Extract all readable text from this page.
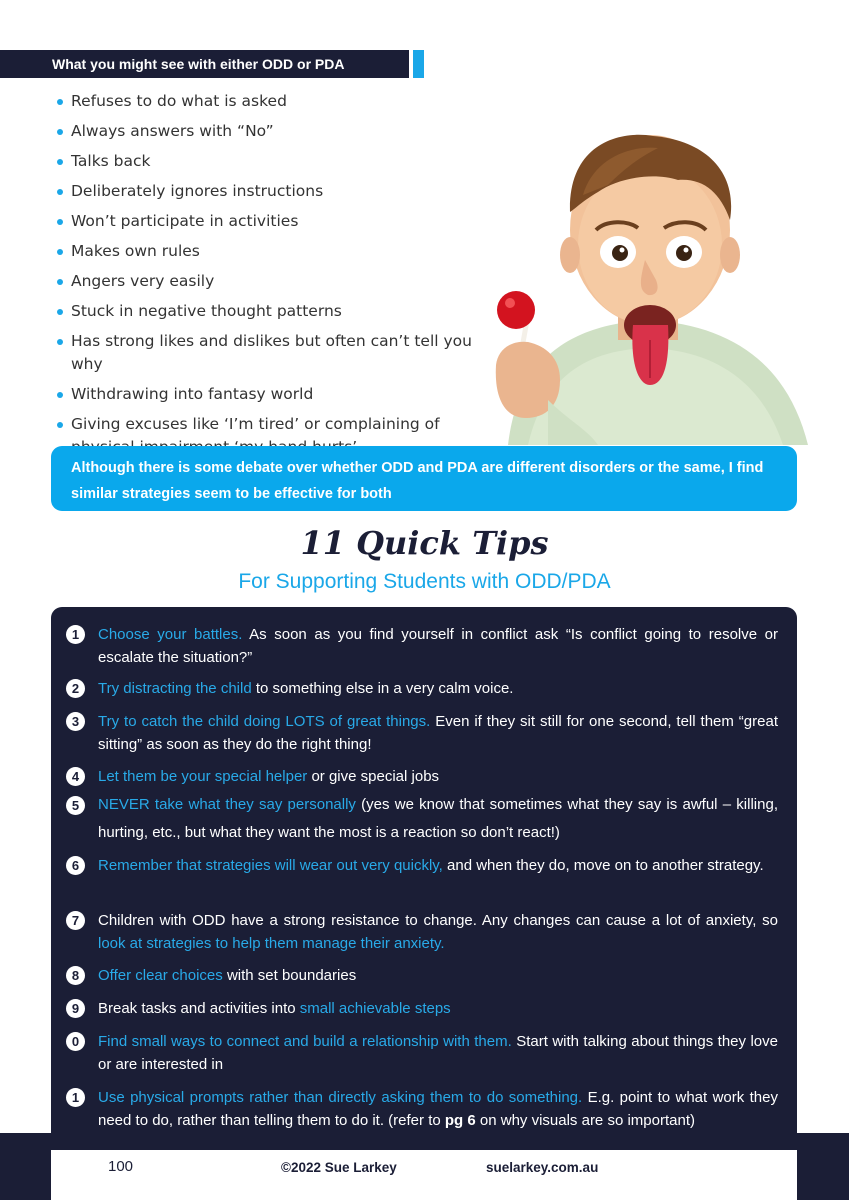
What you might see with either ODD or PDA
Refuses to do what is asked
Always answers with “No”
Talks back
Deliberately ignores instructions
Won’t participate in activities
Makes own rules
Angers very easily
Stuck in negative thought patterns
Has strong likes and dislikes but often can’t tell you why
Withdrawing into fantasy world
Giving excuses like ‘I’m tired’ or complaining of
Although there is some debate over whether ODD and PDA are different disorders or the same, I find similar strategies seem to be effective for both
11 Quick Tips
For Supporting Students with ODD/PDA
1	Choose your battles. As soon as you find yourself in conflict ask “Is conflict going to resolve or escalate the situation?”
2	Try distracting the child to something else in a very calm voice.
3	Try to catch the child doing LOTS of great things. Even if they sit still for one second, tell them “great sitting” as soon as they do the right thing!
4	Let them be your special helper or give special jobs
5	NEVER take what they say personally (yes we know that sometimes what they say is awful – killing, hurting, etc., but what they want the most is a reaction so don’t react!)
6	Remember that strategies will wear out very quickly, and when they do, move on to another strategy.
7	Children with ODD have a strong resistance to change. Any changes can cause a lot of anxiety, so look at strategies to help them manage their anxiety.
8	Offer clear choices with set boundaries
9	Break tasks and activities into small achievable steps
0	Find small ways to connect and build a relationship with them. Start with talking about things they love or are interested in
1	Use physical prompts rather than directly asking them to do something. E.g. point to what work they need to do, rather than telling them to do it. (refer to pg 6 on why visuals are so important)
100	©2022 Sue Larkey	suelarkey.com.au
